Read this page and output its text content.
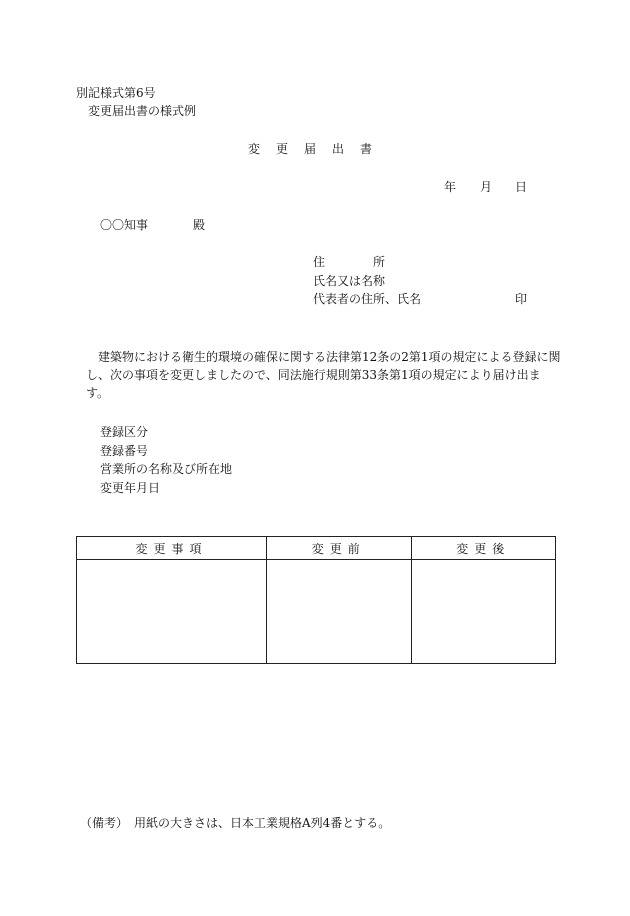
別記様式第6号
変更届出書の様式例
変　更　届　出　書
年 月 日
〇〇知事	殿
住　　　　所
氏名又は名称
代表者の住所、氏名	印
　建築物における衛生的環境の確保に関する法律第12条の2第1項の規定による登録に関
し、次の事項を変更しましたので、同法施行規則第33条第1項の規定により届け出ま
す。
登録区分
登録番号
営業所の名称及び所在地
変更年月日
変更事項	変更前	変更後

（備考）　用紙の大きさは、日本工業規格A列4番とする。
